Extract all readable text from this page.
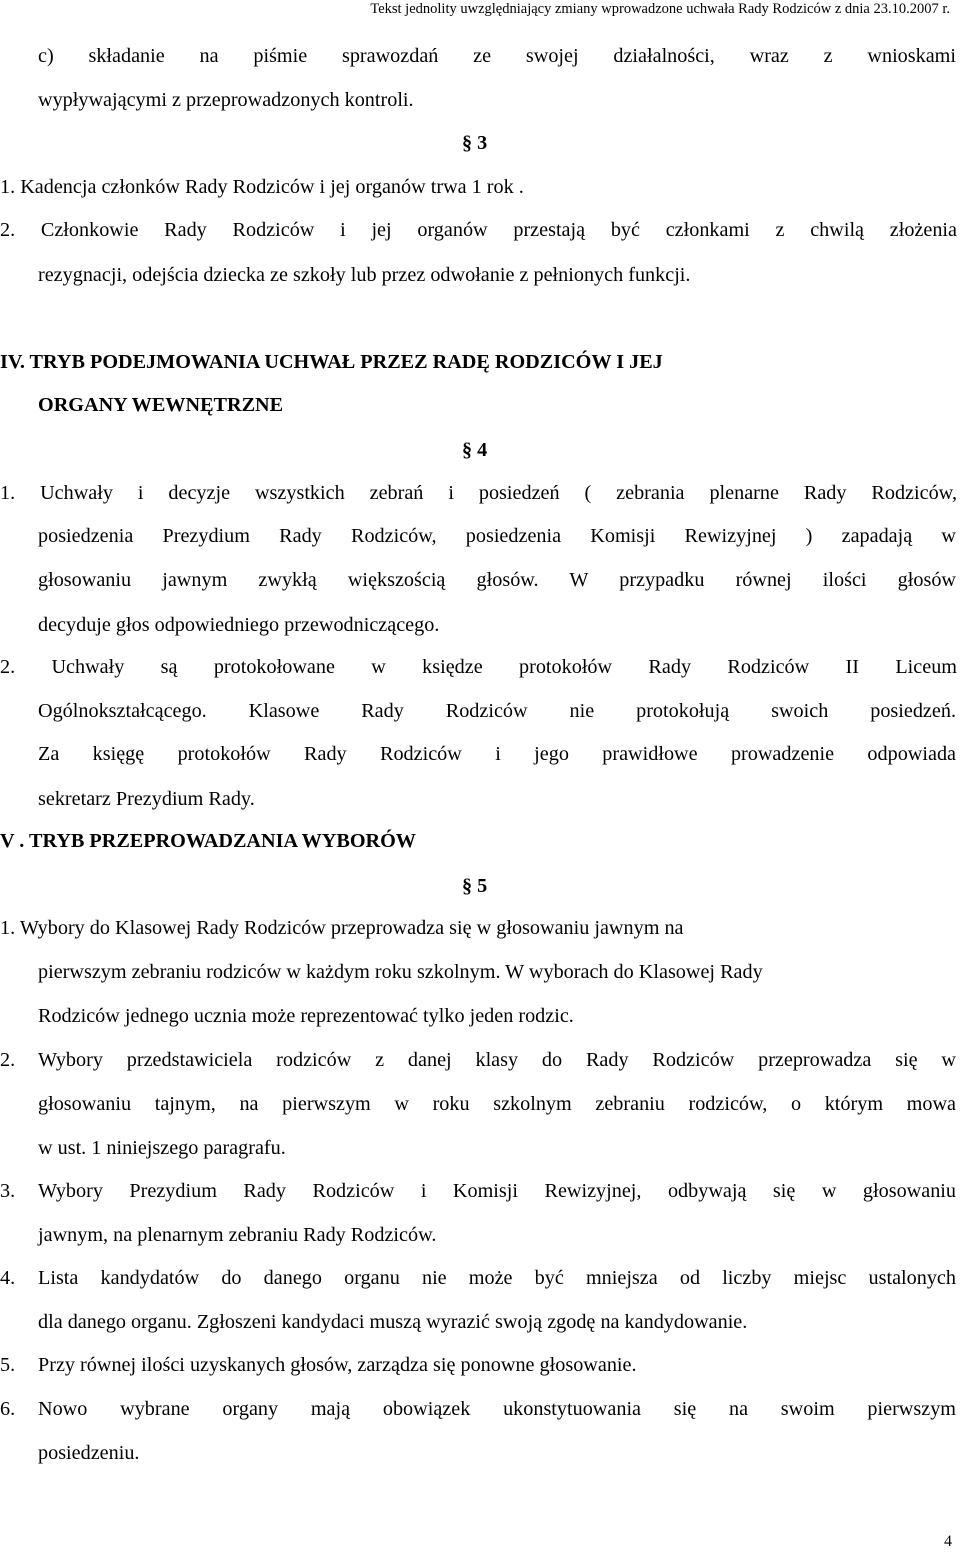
Tekst jednolity uwzględniający zmiany wprowadzone uchwała Rady Rodziców z dnia 23.10.2007 r.
c) składanie na piśmie sprawozdań ze swojej działalności, wraz z wnioskami
wypływającymi z przeprowadzonych kontroli.
§ 3
1. Kadencja członków Rady Rodziców i jej organów trwa 1 rok .
2. Członkowie Rady Rodziców i jej organów przestają być członkami z chwilą złożenia
rezygnacji, odejścia dziecka ze szkoły lub przez odwołanie z pełnionych funkcji.
IV. TRYB PODEJMOWANIA UCHWAŁ PRZEZ RADĘ RODZICÓW I JEJ
ORGANY WEWNĘTRZNE
§ 4
1. Uchwały i decyzje wszystkich zebrań i posiedzeń ( zebrania plenarne Rady Rodziców,
posiedzenia Prezydium Rady Rodziców, posiedzenia Komisji Rewizyjnej ) zapadają w
głosowaniu jawnym zwykłą większością głosów. W przypadku równej ilości głosów
decyduje głos odpowiedniego przewodniczącego.
2. Uchwały są protokołowane w księdze protokołów Rady Rodziców II Liceum
Ogólnokształcącego. Klasowe Rady Rodziców nie protokołują swoich posiedzeń.
Za księgę protokołów Rady Rodziców i jego prawidłowe prowadzenie odpowiada
sekretarz Prezydium Rady.
V . TRYB PRZEPROWADZANIA WYBORÓW
§ 5
1. Wybory do Klasowej Rady Rodziców przeprowadza się w głosowaniu jawnym na
pierwszym zebraniu rodziców w każdym roku szkolnym. W wyborach do Klasowej Rady
Rodziców jednego ucznia może reprezentować tylko jeden rodzic.
2. Wybory przedstawiciela rodziców z danej klasy do Rady Rodziców przeprowadza się w
głosowaniu tajnym, na pierwszym w roku szkolnym zebraniu rodziców, o którym mowa
w ust. 1 niniejszego paragrafu.
3. Wybory Prezydium Rady Rodziców i Komisji Rewizyjnej, odbywają się w głosowaniu
jawnym, na plenarnym zebraniu Rady Rodziców.
4. Lista kandydatów do danego organu nie może być mniejsza od liczby miejsc ustalonych
dla danego organu. Zgłoszeni kandydaci muszą wyrazić swoją zgodę na kandydowanie.
5. Przy równej ilości uzyskanych głosów, zarządza się ponowne głosowanie.
6. Nowo wybrane organy mają obowiązek ukonstytuowania się na swoim pierwszym
posiedzeniu.
4
